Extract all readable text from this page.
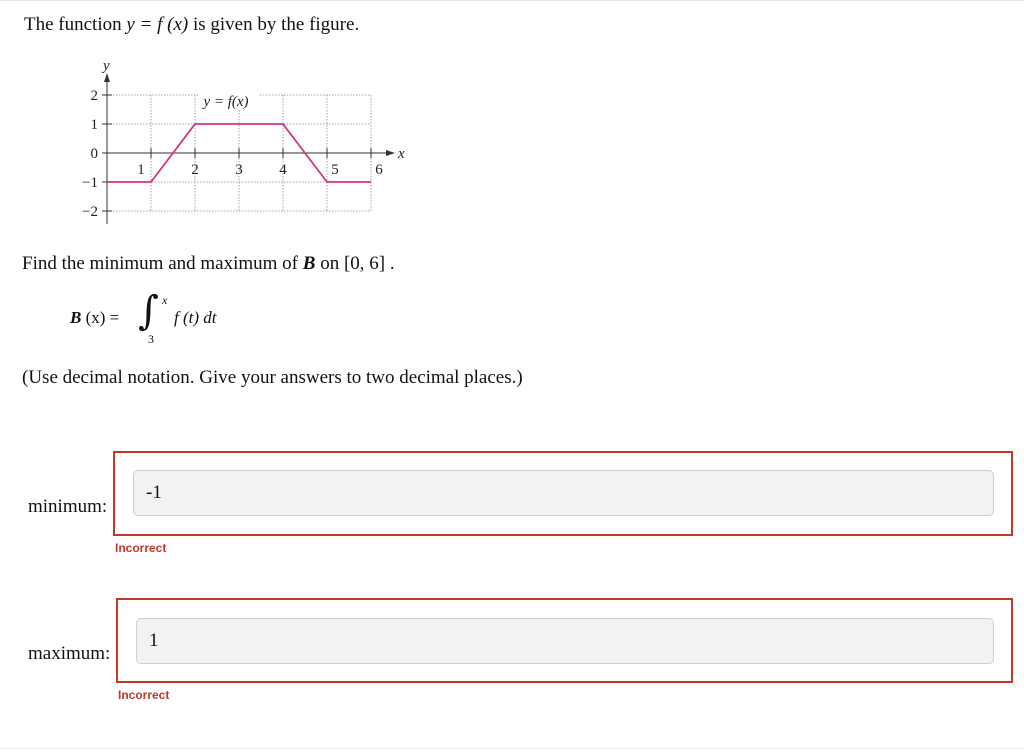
The function y = f (x) is given by the figure.
x
y
2
1
0
−1
−2
1	2 3 4	5 6
y = f(x)
Find the minimum and maximum of B on [0, 6] .
B (x) = ∫ x
3
f (t) dt
(Use decimal notation. Give your answers to two decimal places.)
minimum:
-1
Incorrect
maximum:
1
Incorrect
